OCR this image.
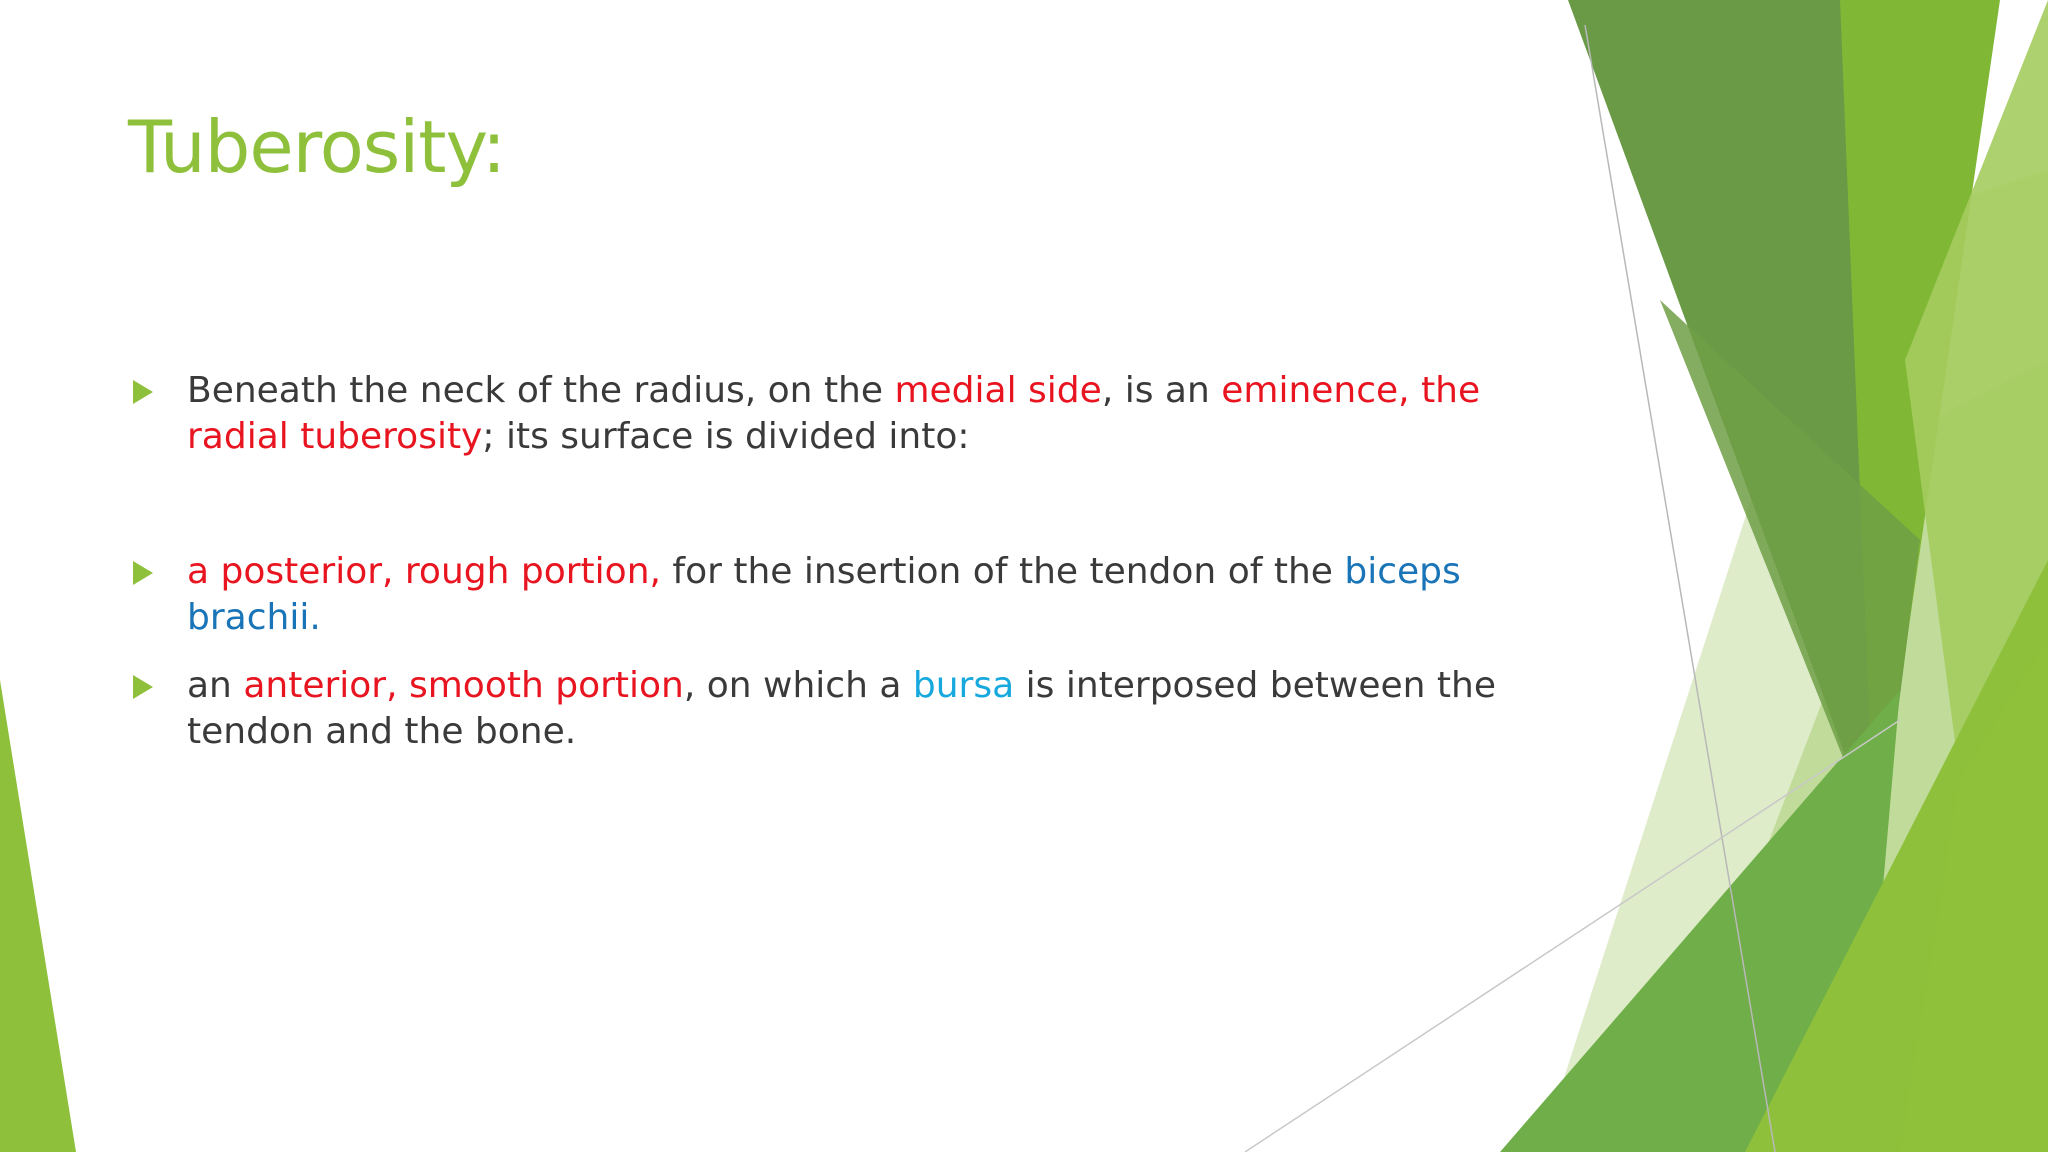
Tuberosity:
Beneath the neck of the radius, on the medial side, is an eminence, the radial tuberosity; its surface is divided into:
a posterior, rough portion, for the insertion of the tendon of the biceps brachii.
an anterior, smooth portion, on which a bursa is interposed between the tendon and the bone.
